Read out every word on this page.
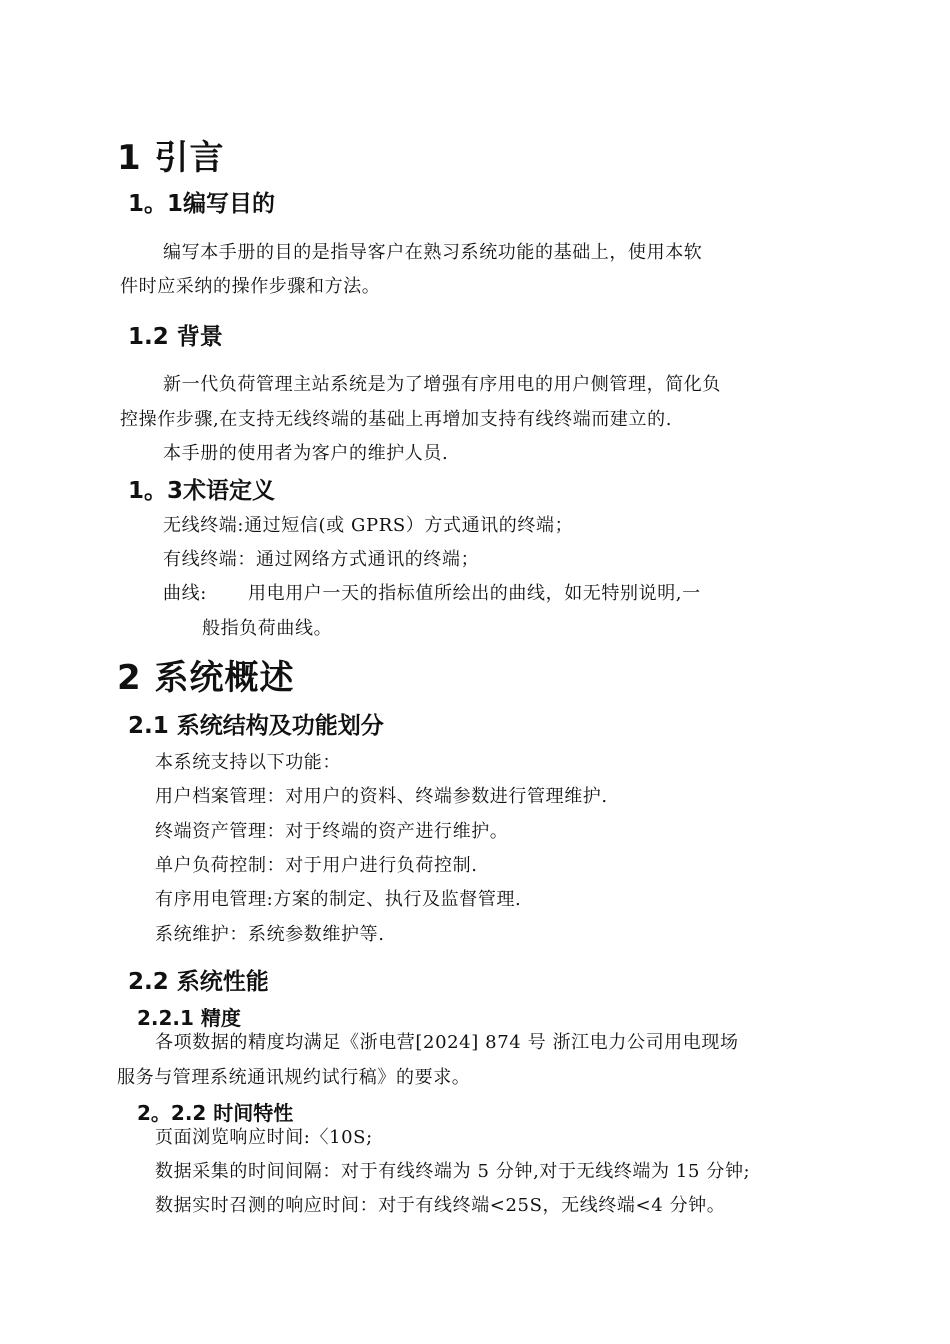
1 引言
1。1编写目的
编写本手册的目的是指导客户在熟习系统功能的基础上，使用本软
件时应采纳的操作步骤和方法。
1.2 背景
新一代负荷管理主站系统是为了增强有序用电的用户侧管理，简化负
控操作步骤,在支持无线终端的基础上再增加支持有线终端而建立的.
本手册的使用者为客户的维护人员.
1。3术语定义
无线终端:通过短信(或 GPRS）方式通讯的终端；
有线终端：通过网络方式通讯的终端；
曲线: 用电用户一天的指标值所绘出的曲线，如无特别说明,一
般指负荷曲线。
2 系统概述
2.1 系统结构及功能划分
本系统支持以下功能：
用户档案管理：对用户的资料、终端参数进行管理维护.
终端资产管理：对于终端的资产进行维护。
单户负荷控制：对于用户进行负荷控制.
有序用电管理:方案的制定、执行及监督管理.
系统维护：系统参数维护等.
2.2 系统性能
2.2.1 精度
各项数据的精度均满足《浙电营[2024] 874 号 浙江电力公司用电现场
服务与管理系统通讯规约试行稿》的要求。
2。2.2 时间特性
页面浏览响应时间:〈10S;
数据采集的时间间隔：对于有线终端为 5 分钟,对于无线终端为 15 分钟;
数据实时召测的响应时间：对于有线终端<25S，无线终端<4 分钟。
